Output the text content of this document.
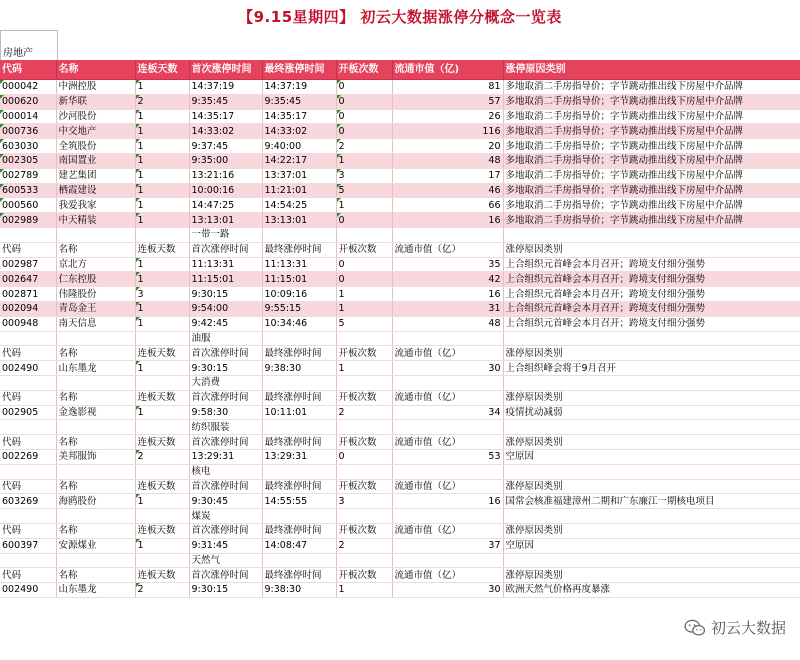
【9.15星期四】 初云大数据涨停分概念一览表
房地产
代码	名称	连板天数	首次涨停时间	最终涨停时间	开板次数	流通市值（亿)	涨停原因类别
000042	中洲控股	1	14:37:19	14:37:19	0	81	多地取消二手房指导价；字节跳动推出线下房屋中介品牌
000620	新华联	2	9:35:45	9:35:45	0	57	多地取消二手房指导价；字节跳动推出线下房屋中介品牌
000014	沙河股份	1	14:35:17	14:35:17	0	26	多地取消二手房指导价；字节跳动推出线下房屋中介品牌
000736	中交地产	1	14:33:02	14:33:02	0	116	多地取消二手房指导价；字节跳动推出线下房屋中介品牌
603030	全筑股份	1	9:37:45	9:40:00	2	20	多地取消二手房指导价；字节跳动推出线下房屋中介品牌
002305	南国置业	1	9:35:00	14:22:17	1	48	多地取消二手房指导价；字节跳动推出线下房屋中介品牌
002789	建艺集团	1	13:21:16	13:37:01	3	17	多地取消二手房指导价；字节跳动推出线下房屋中介品牌
600533	栖霞建设	1	10:00:16	11:21:01	5	46	多地取消二手房指导价；字节跳动推出线下房屋中介品牌
000560	我爱我家	1	14:47:25	14:54:25	1	66	多地取消二手房指导价；字节跳动推出线下房屋中介品牌
002989	中天精装	1	13:13:01	13:13:01	0	16	多地取消二手房指导价；字节跳动推出线下房屋中介品牌
			一带一路				
代码	名称	连板天数	首次涨停时间	最终涨停时间	开板次数	流通市值（亿）	涨停原因类别
002987	京北方	1	11:13:31	11:13:31	0	35	上合组织元首峰会本月召开；跨境支付细分强势
002647	仁东控股	1	11:15:01	11:15:01	0	42	上合组织元首峰会本月召开；跨境支付细分强势
002871	伟隆股份	3	9:30:15	10:09:16	1	16	上合组织元首峰会本月召开；跨境支付细分强势
002094	青岛金王	1	9:54:00	9:55:15	1	31	上合组织元首峰会本月召开；跨境支付细分强势
000948	南天信息	1	9:42:45	10:34:46	5	48	上合组织元首峰会本月召开；跨境支付细分强势
			油服				
代码	名称	连板天数	首次涨停时间	最终涨停时间	开板次数	流通市值（亿）	涨停原因类别
002490	山东墨龙	1	9:30:15	9:38:30	1	30	上合组织峰会将于9月召开
			大消费				
代码	名称	连板天数	首次涨停时间	最终涨停时间	开板次数	流通市值（亿）	涨停原因类别
002905	金逸影视	1	9:58:30	10:11:01	2	34	疫情扰动减弱
			纺织服装				
代码	名称	连板天数	首次涨停时间	最终涨停时间	开板次数	流通市值（亿）	涨停原因类别
002269	美邦服饰	2	13:29:31	13:29:31	0	53	空原因
			核电				
代码	名称	连板天数	首次涨停时间	最终涨停时间	开板次数	流通市值（亿）	涨停原因类别
603269	海鸥股份	1	9:30:45	14:55:55	3	16	国常会核准福建漳州二期和广东廉江一期核电项目
			煤炭				
代码	名称	连板天数	首次涨停时间	最终涨停时间	开板次数	流通市值（亿）	涨停原因类别
600397	安源煤业	1	9:31:45	14:08:47	2	37	空原因
			天然气				
代码	名称	连板天数	首次涨停时间	最终涨停时间	开板次数	流通市值（亿）	涨停原因类别
002490	山东墨龙	2	9:30:15	9:38:30	1	30	欧洲天然气价格再度暴涨
初云大数据
